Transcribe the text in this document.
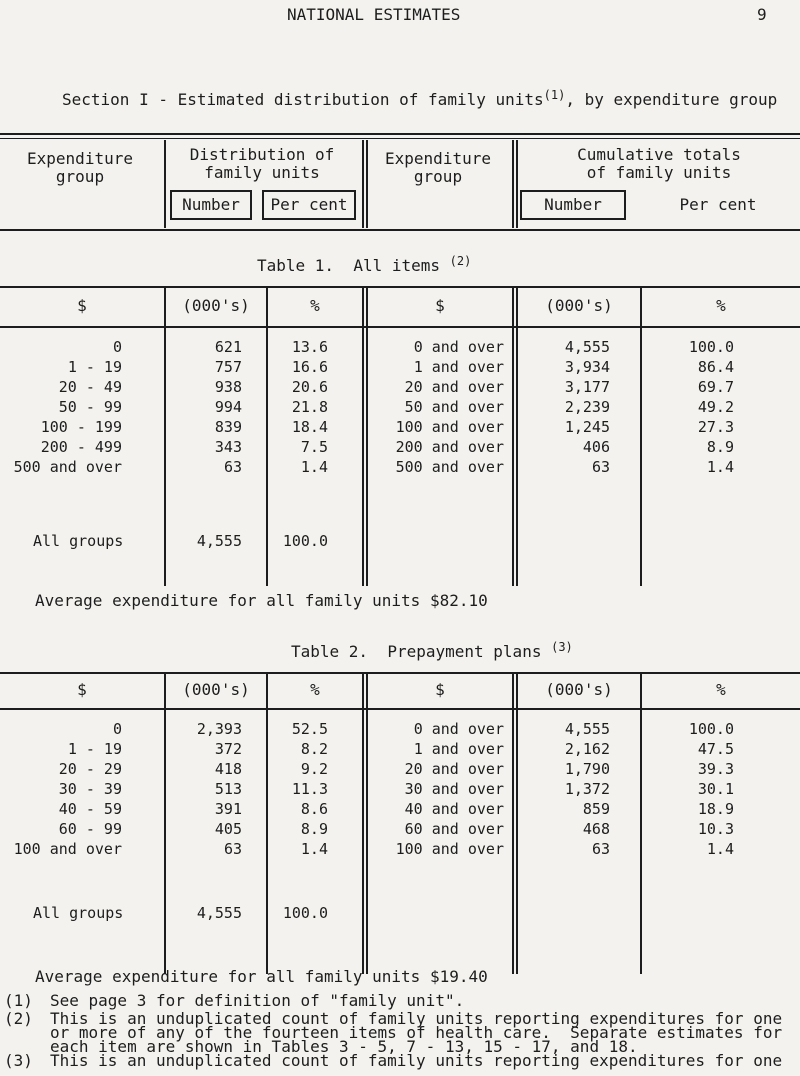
NATIONAL ESTIMATES	9
Section I - Estimated distribution of family units$^{(1)}$, by expenditure group
Expenditure
group
Distribution of
family units
Number	Per cent
Expenditure
group
Cumulative totals
of family units
Number	Per cent
Table 1.  All items $^{(2)}$
$	(000's)	%	$	(000's)	%
0	621	13.6	0 and over	4,555	100.0
1 - 19	757	16.6	1 and over	3,934	86.4
20 - 49	938	20.6	20 and over	3,177	69.7
50 - 99	994	21.8	50 and over	2,239	49.2
100 - 199	839	18.4	100 and over	1,245	27.3
200 - 499	343	7.5	200 and over	406	8.9
500 and over	63	1.4	500 and over	63	1.4
All groups	4,555	100.0
Average expenditure for all family units $82.10
Table 2.  Prepayment plans $^{(3)}$
$	(000's)	%	$	(000's)	%
0	2,393	52.5	0 and over	4,555	100.0
1 - 19	372	8.2	1 and over	2,162	47.5
20 - 29	418	9.2	20 and over	1,790	39.3
30 - 39	513	11.3	30 and over	1,372	30.1
40 - 59	391	8.6	40 and over	859	18.9
60 - 99	405	8.9	60 and over	468	10.3
100 and over	63	1.4	100 and over	63	1.4
All groups	4,555	100.0
Average expenditure for all family units $19.40
(1) See page 3 for definition of "family unit".
(2) This is an unduplicated count of family units reporting expenditures for one
or more of any of the fourteen items of health care.  Separate estimates for
each item are shown in Tables 3 - 5, 7 - 13, 15 - 17, and 18.
(3) This is an unduplicated count of family units reporting expenditures for one
